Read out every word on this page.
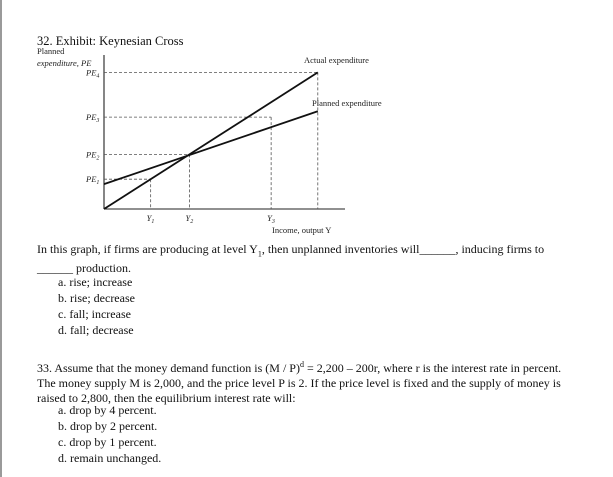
32. Exhibit: Keynesian Cross
Planned
expenditure, PE
$PE_4$
$PE_3$
$PE_2$
$PE_1$
$Y_1$	$Y_2$	$Y_3$
Actual expenditure
Planned expenditure
Income, output Y
In this graph, if firms are producing at level $Y_1$, then unplanned inventories will______, inducing firms to
______ production.
a. rise; increase
b. rise; decrease
c. fall; increase
d. fall; decrease
33. Assume that the money demand function is (M / P)$^d$ = 2,200 – 200r, where r is the interest rate in percent.
The money supply M is 2,000, and the price level P is 2. If the price level is fixed and the supply of money is
raised to 2,800, then the equilibrium interest rate will:
a. drop by 4 percent.
b. drop by 2 percent.
c. drop by 1 percent.
d. remain unchanged.
